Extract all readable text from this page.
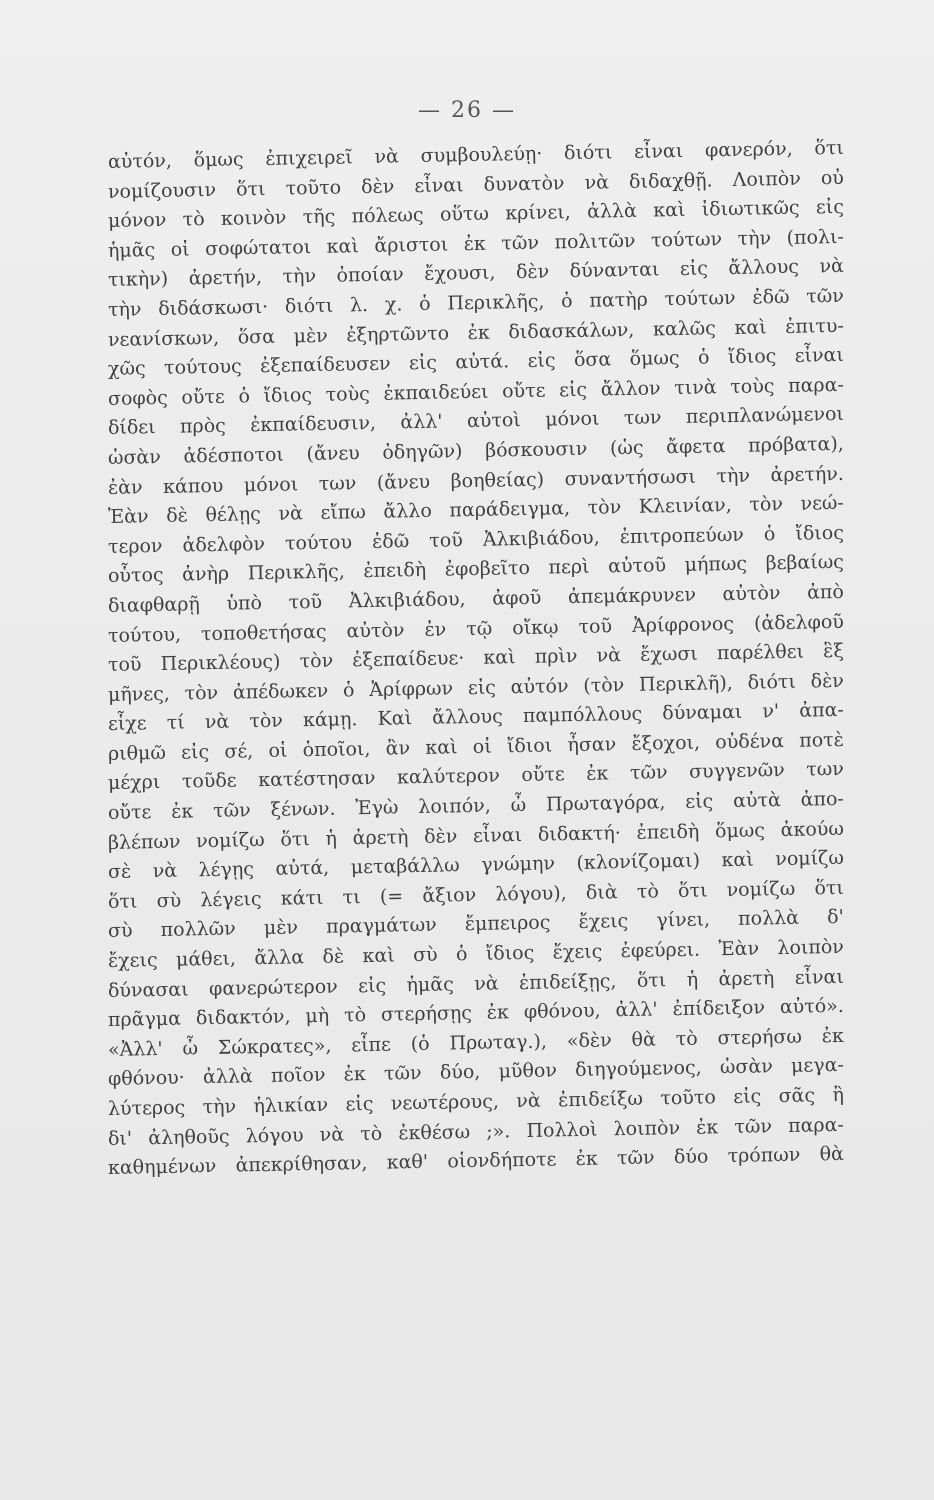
— 26 —
αὐτόν, ὅμως ἐπιχειρεῖ νὰ συμβουλεύῃ· διότι εἶναι φανερόν, ὅτι
νομίζουσιν ὅτι τοῦτο δὲν εἶναι δυνατὸν νὰ διδαχθῇ. Λοιπὸν οὐ
μόνον τὸ κοινὸν τῆς πόλεως οὕτω κρίνει, ἀλλὰ καὶ ἰδιωτικῶς εἰς
ἡμᾶς οἱ σοφώτατοι καὶ ἄριστοι ἐκ τῶν πολιτῶν τούτων τὴν (πολι-
τικὴν) ἀρετήν, τὴν ὁποίαν ἔχουσι, δὲν δύνανται εἰς ἄλλους νὰ
τὴν διδάσκωσι· διότι λ. χ. ὁ Περικλῆς, ὁ πατὴρ τούτων ἐδῶ τῶν
νεανίσκων, ὅσα μὲν ἐξηρτῶντο ἐκ διδασκάλων, καλῶς καὶ ἐπιτυ-
χῶς τούτους ἐξεπαίδευσεν εἰς αὐτά. εἰς ὅσα ὅμως ὁ ἴδιος εἶναι
σοφὸς οὔτε ὁ ἴδιος τοὺς ἐκπαιδεύει οὔτε εἰς ἄλλον τινὰ τοὺς παρα-
δίδει πρὸς ἐκπαίδευσιν, ἀλλ' αὐτοὶ μόνοι των περιπλανώμενοι
ὡσὰν ἀδέσποτοι (ἄνευ ὁδηγῶν) βόσκουσιν (ὡς ἄφετα πρόβατα),
ἐὰν κάπου μόνοι των (ἄνευ βοηθείας) συναντήσωσι τὴν ἀρετήν.
Ἐὰν δὲ θέλῃς νὰ εἴπω ἄλλο παράδειγμα, τὸν Κλεινίαν, τὸν νεώ-
τερον ἀδελφὸν τούτου ἐδῶ τοῦ Ἀλκιβιάδου, ἐπιτροπεύων ὁ ἴδιος
οὗτος ἀνὴρ Περικλῆς, ἐπειδὴ ἐφοβεῖτο περὶ αὐτοῦ μήπως βεβαίως
διαφθαρῇ ὑπὸ τοῦ Ἀλκιβιάδου, ἀφοῦ ἀπεμάκρυνεν αὐτὸν ἀπὸ
τούτου, τοποθετήσας αὐτὸν ἐν τῷ οἴκῳ τοῦ Ἀρίφρονος (ἀδελφοῦ
τοῦ Περικλέους) τὸν ἐξεπαίδευε· καὶ πρὶν νὰ ἔχωσι παρέλθει ἓξ
μῆνες, τὸν ἀπέδωκεν ὁ Ἀρίφρων εἰς αὐτόν (τὸν Περικλῆ), διότι δὲν
εἶχε τί νὰ τὸν κάμῃ. Καὶ ἄλλους παμπόλλους δύναμαι ν' ἀπα-
ριθμῶ εἰς σέ, οἱ ὁποῖοι, ἂν καὶ οἱ ἴδιοι ἦσαν ἔξοχοι, οὐδένα ποτὲ
μέχρι τοῦδε κατέστησαν καλύτερον οὔτε ἐκ τῶν συγγενῶν των
οὔτε ἐκ τῶν ξένων. Ἐγὼ λοιπόν, ὦ Πρωταγόρα, εἰς αὐτὰ ἀπο-
βλέπων νομίζω ὅτι ἡ ἀρετὴ δὲν εἶναι διδακτή· ἐπειδὴ ὅμως ἀκούω
σὲ νὰ λέγῃς αὐτά, μεταβάλλω γνώμην (κλονίζομαι) καὶ νομίζω
ὅτι σὺ λέγεις κάτι τι (= ἄξιον λόγου), διὰ τὸ ὅτι νομίζω ὅτι
σὺ πολλῶν μὲν πραγμάτων ἔμπειρος ἔχεις γίνει, πολλὰ δ'
ἔχεις μάθει, ἄλλα δὲ καὶ σὺ ὁ ἴδιος ἔχεις ἐφεύρει. Ἐὰν λοιπὸν
δύνασαι φανερώτερον εἰς ἡμᾶς νὰ ἐπιδείξῃς, ὅτι ἡ ἀρετὴ εἶναι
πρᾶγμα διδακτόν, μὴ τὸ στερήσῃς ἐκ φθόνου, ἀλλ' ἐπίδειξον αὐτό».
«Ἀλλ' ὦ Σώκρατες», εἶπε (ὁ Πρωταγ.), «δὲν θὰ τὸ στερήσω ἐκ
φθόνου· ἀλλὰ ποῖον ἐκ τῶν δύο, μῦθον διηγούμενος, ὡσὰν μεγα-
λύτερος τὴν ἡλικίαν εἰς νεωτέρους, νὰ ἐπιδείξω τοῦτο εἰς σᾶς ἢ
δι' ἀληθοῦς λόγου νὰ τὸ ἐκθέσω ;». Πολλοὶ λοιπὸν ἐκ τῶν παρα-
καθημένων ἀπεκρίθησαν, καθ' οἱονδήποτε ἐκ τῶν δύο τρόπων θὰ
